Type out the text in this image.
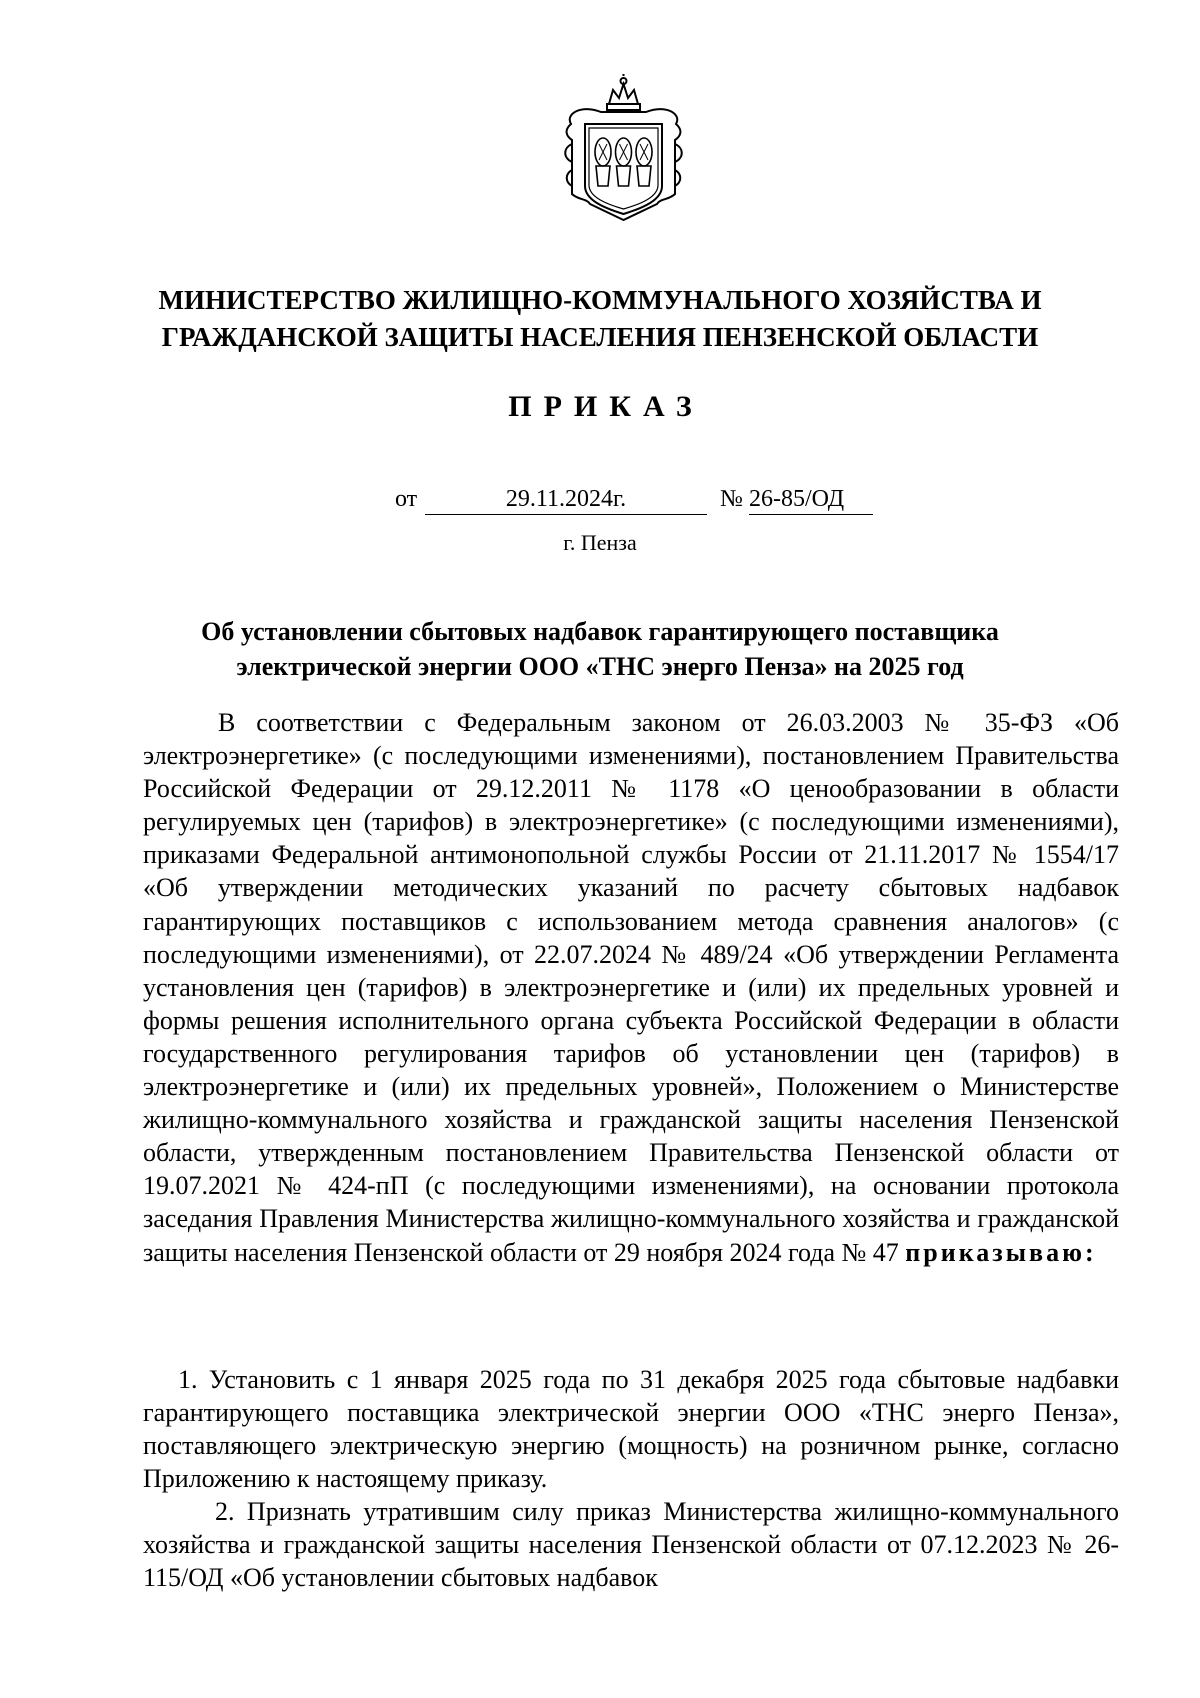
МИНИСТЕРСТВО ЖИЛИЩНО-КОММУНАЛЬНОГО ХОЗЯЙСТВА И
ГРАЖДАНСКОЙ ЗАЩИТЫ НАСЕЛЕНИЯ ПЕНЗЕНСКОЙ ОБЛАСТИ
ПРИКАЗ
от	29.11.2024г.	№ 26-85/ОД
г. Пенза
Об установлении сбытовых надбавок гарантирующего поставщика
электрической энергии ООО «ТНС энерго Пенза» на 2025 год

В соответствии с Федеральным законом от 26.03.2003 № 35-ФЗ «Об электроэнергетике» (с последующими изменениями), постановлением Правительства Российской Федерации от 29.12.2011 № 1178 «О ценообразовании в области регулируемых цен (тарифов) в электроэнергетике» (с последующими изменениями), приказами Федеральной антимонопольной службы России от 21.11.2017 № 1554/17 «Об утверждении методических указаний по расчету сбытовых надбавок гарантирующих поставщиков с использованием метода сравнения аналогов» (с последующими изменениями), от 22.07.2024 № 489/24 «Об утверждении Регламента установления цен (тарифов) в электроэнергетике и (или) их предельных уровней и формы решения исполнительного органа субъекта Российской Федерации в области государственного регулирования тарифов об установлении цен (тарифов) в электроэнергетике и (или) их предельных уровней», Положением о Министерстве жилищно-коммунального хозяйства и гражданской защиты населения Пензенской области, утвержденным постановлением Правительства Пензенской области от 19.07.2021 № 424-пП (с последующими изменениями), на основании протокола заседания Правления Министерства жилищно-коммунального хозяйства и гражданской защиты населения Пензенской области от 29 ноября 2024 года № 47 приказываю:

1. Установить с 1 января 2025 года по 31 декабря 2025 года сбытовые надбавки гарантирующего поставщика электрической энергии ООО «ТНС энерго Пенза», поставляющего электрическую энергию (мощность) на розничном рынке, согласно Приложению к настоящему приказу.

2. Признать утратившим силу приказ Министерства жилищно-коммунального хозяйства и гражданской защиты населения Пензенской области от 07.12.2023 № 26-115/ОД «Об установлении сбытовых надбавок
